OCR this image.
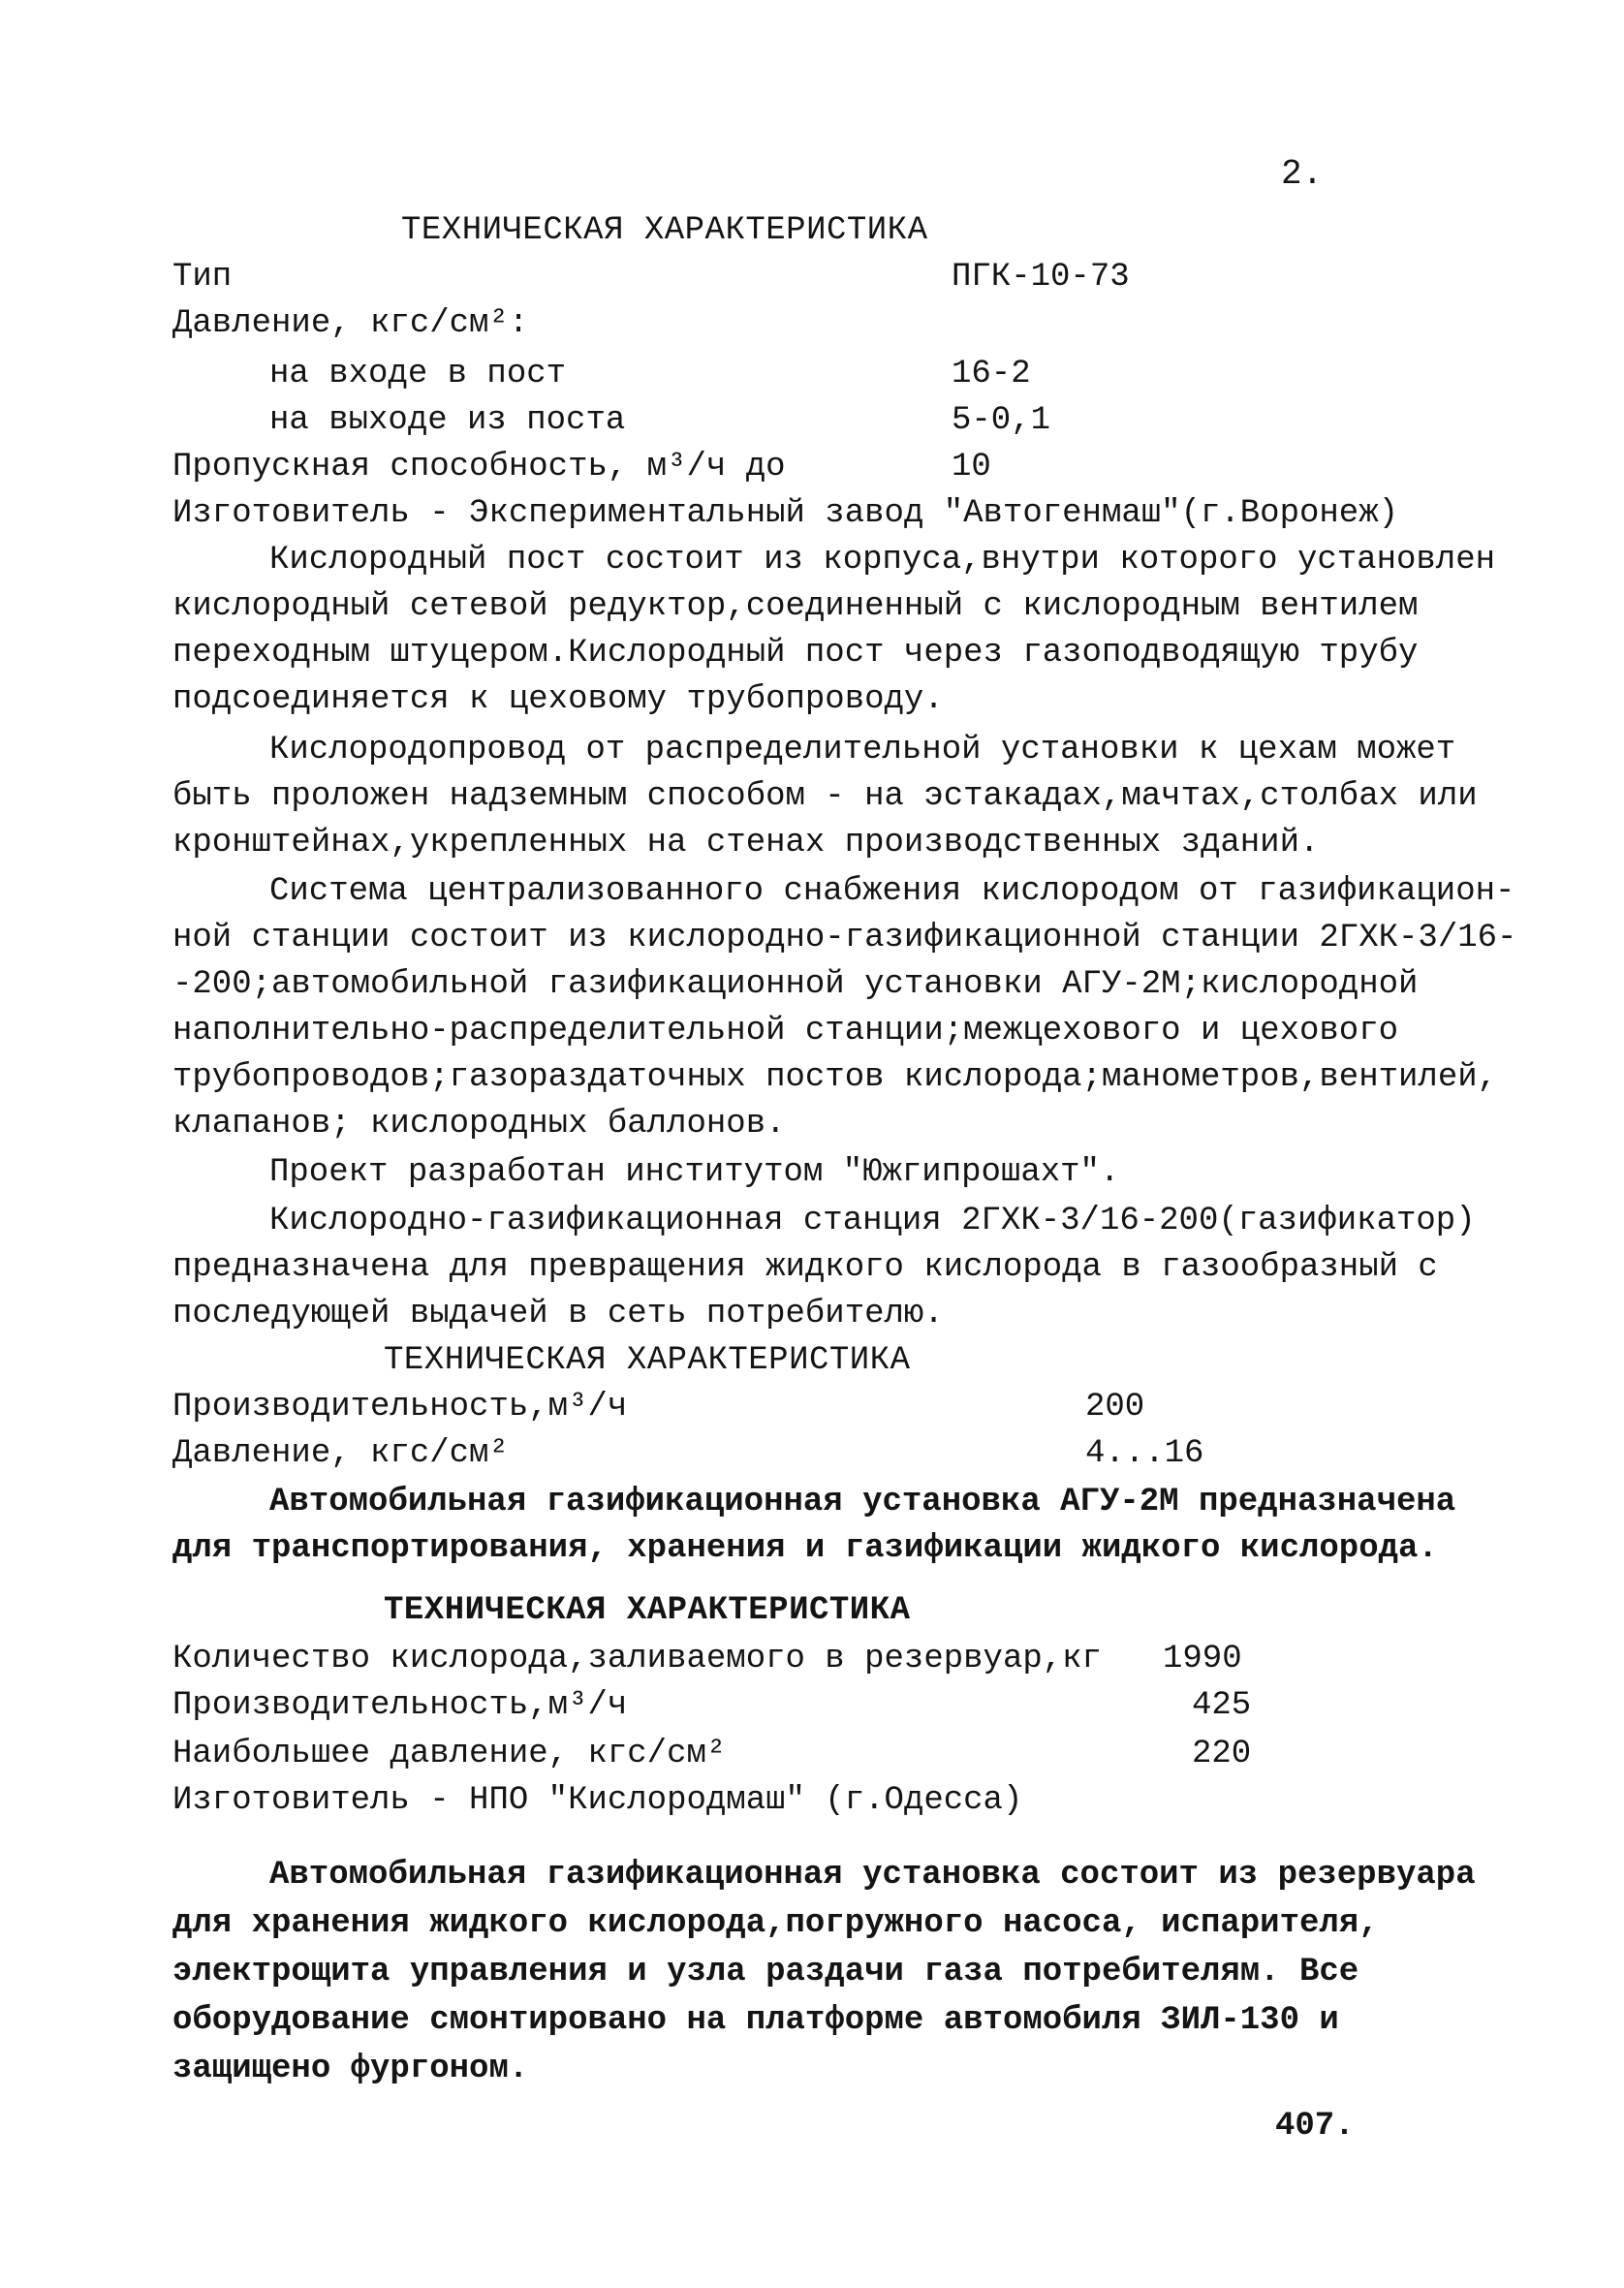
2.
ТЕХНИЧЕСКАЯ ХАРАКТЕРИСТИКА
Тип	ПГК-10-73
Давление, кгс/см²:
на входе в пост	16-2
на выходе из поста	5-0,1
Пропускная способность, м³/ч до	10
Изготовитель - Экспериментальный завод "Автогенмаш"(г.Воронеж)

Кислородный пост состоит из корпуса,внутри которого установлен

кислородный сетевой редуктор,соединенный с кислородным вентилем

переходным штуцером.Кислородный пост через газоподводящую трубу

подсоединяется к цеховому трубопроводу.

Кислородопровод от распределительной установки к цехам может

быть проложен надземным способом - на эстакадах,мачтах,столбах или

кронштейнах,укрепленных на стенах производственных зданий.

Система централизованного снабжения кислородом от газификацион-

ной станции состоит из кислородно-газификационной станции 2ГХК-3/16-

-200;автомобильной газификационной установки АГУ-2М;кислородной

наполнительно-распределительной станции;межцехового и цехового

трубопроводов;газораздаточных постов кислорода;манометров,вентилей,

клапанов; кислородных баллонов.

Проект разработан институтом "Южгипрошахт".

Кислородно-газификационная станция 2ГХК-3/16-200(газификатор)

предназначена для превращения жидкого кислорода в газообразный с

последующей выдачей в сеть потребителю.

ТЕХНИЧЕСКАЯ ХАРАКТЕРИСТИКА
Производительность,м³/ч	200
Давление, кгс/см²	4...16

Автомобильная газификационная установка АГУ-2М предназначена

для транспортирования, хранения и газификации жидкого кислорода.

ТЕХНИЧЕСКАЯ ХАРАКТЕРИСТИКА
Количество кислорода,заливаемого в резервуар,кг 1990
Производительность,м³/ч	425
Наибольшее давление, кгс/см²	220
Изготовитель - НПО "Кислородмаш" (г.Одесса)

Автомобильная газификационная установка состоит из резервуара

для хранения жидкого кислорода,погружного насоса, испарителя,

электрощита управления и узла раздачи газа потребителям. Все

оборудование смонтировано на платформе автомобиля ЗИЛ-130 и

защищено фургоном.

407.
